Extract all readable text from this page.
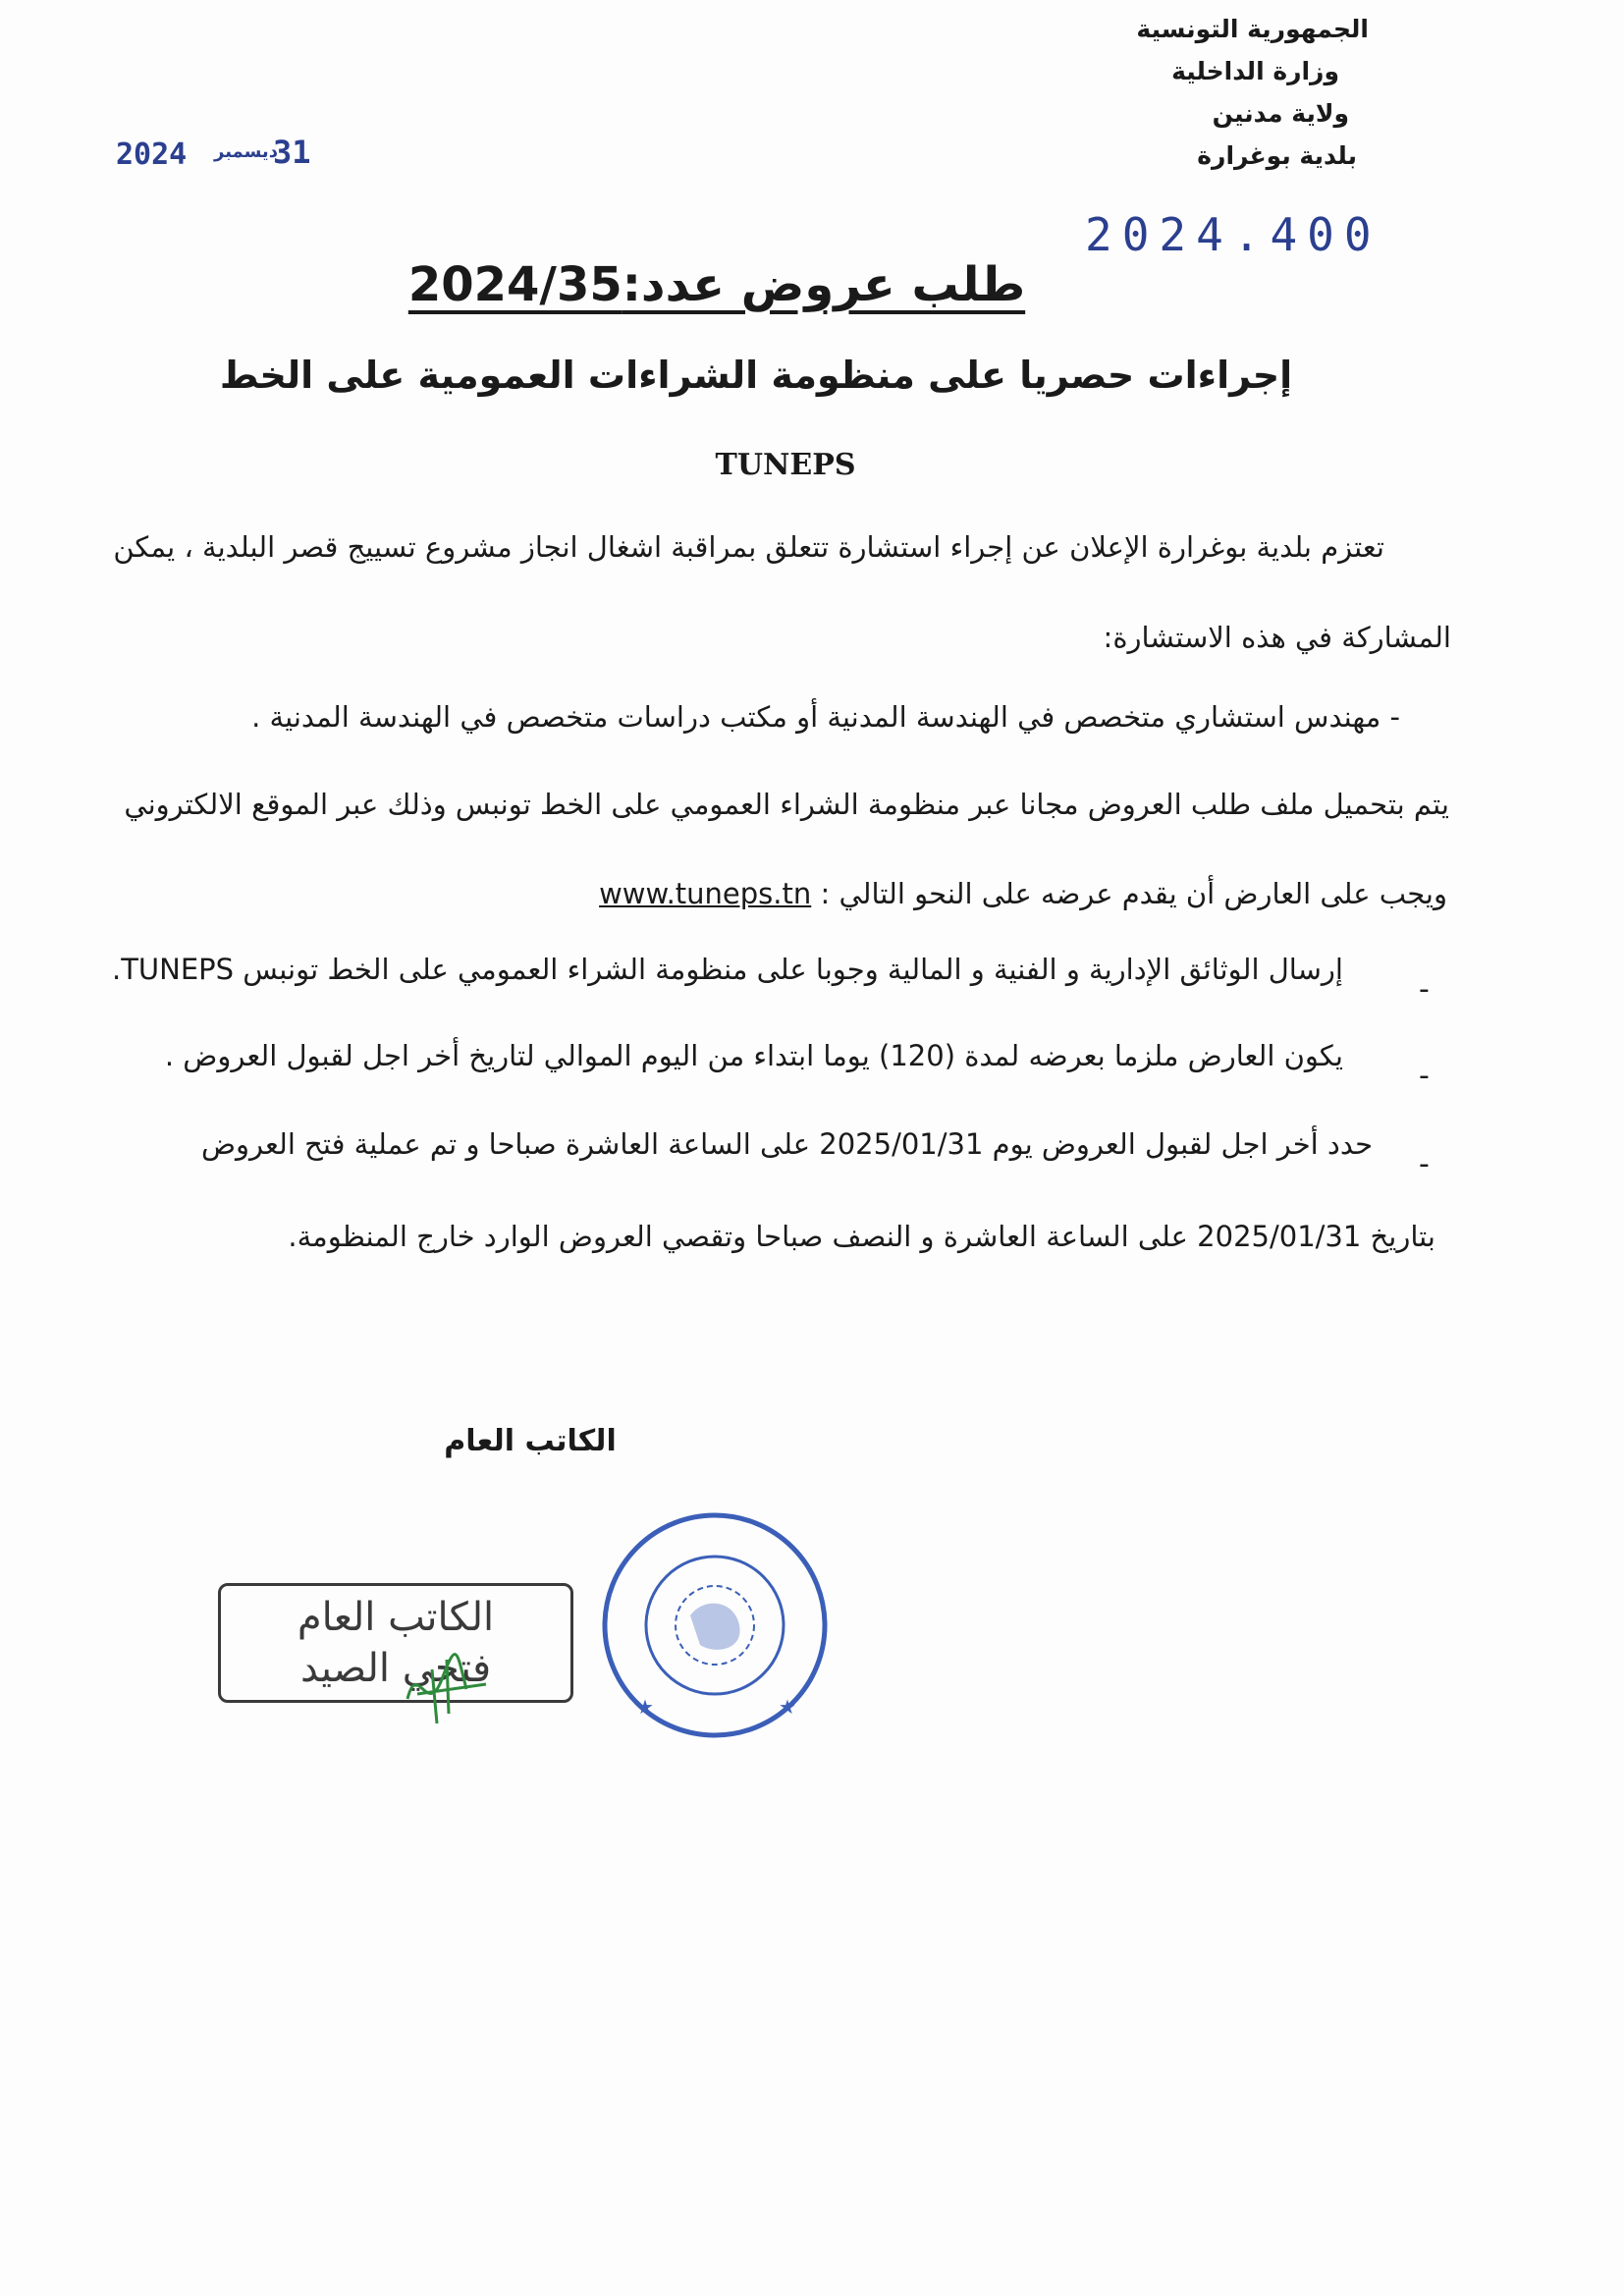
الجمهورية التونسية
وزارة الداخلية
ولاية مدنين
بلدية بوغرارة
2024 ديسمبر
31
2024.400
طلب عروض عدد:2024/35
إجراءات حصريا على منظومة الشراءات العمومية على الخط
TUNEPS
تعتزم بلدية بوغرارة الإعلان عن إجراء استشارة تتعلق بمراقبة اشغال انجاز مشروع تسييج قصر البلدية ، يمكن
المشاركة في هذه الاستشارة:
- مهندس استشاري متخصص في الهندسة المدنية أو مكتب دراسات متخصص في الهندسة المدنية .
يتم بتحميل ملف طلب العروض مجانا عبر منظومة الشراء العمومي على الخط تونبس وذلك عبر الموقع الالكتروني
ويجب على العارض أن يقدم عرضه على النحو التالي : www.tuneps.tn
-
إرسال الوثائق الإدارية و الفنية و المالية وجوبا على منظومة الشراء العمومي على الخط تونبس TUNEPS.
-
يكون العارض ملزما بعرضه لمدة (120) يوما ابتداء من اليوم الموالي لتاريخ أخر اجل لقبول العروض .
-
حدد أخر اجل لقبول العروض يوم 2025/01/31 على الساعة العاشرة صباحا و تم عملية فتح العروض
بتاريخ 2025/01/31 على الساعة العاشرة و النصف صباحا وتقصي العروض الوارد خارج المنظومة.
الكاتب العام
الكاتب العام
فتحي الصيد
★	★
